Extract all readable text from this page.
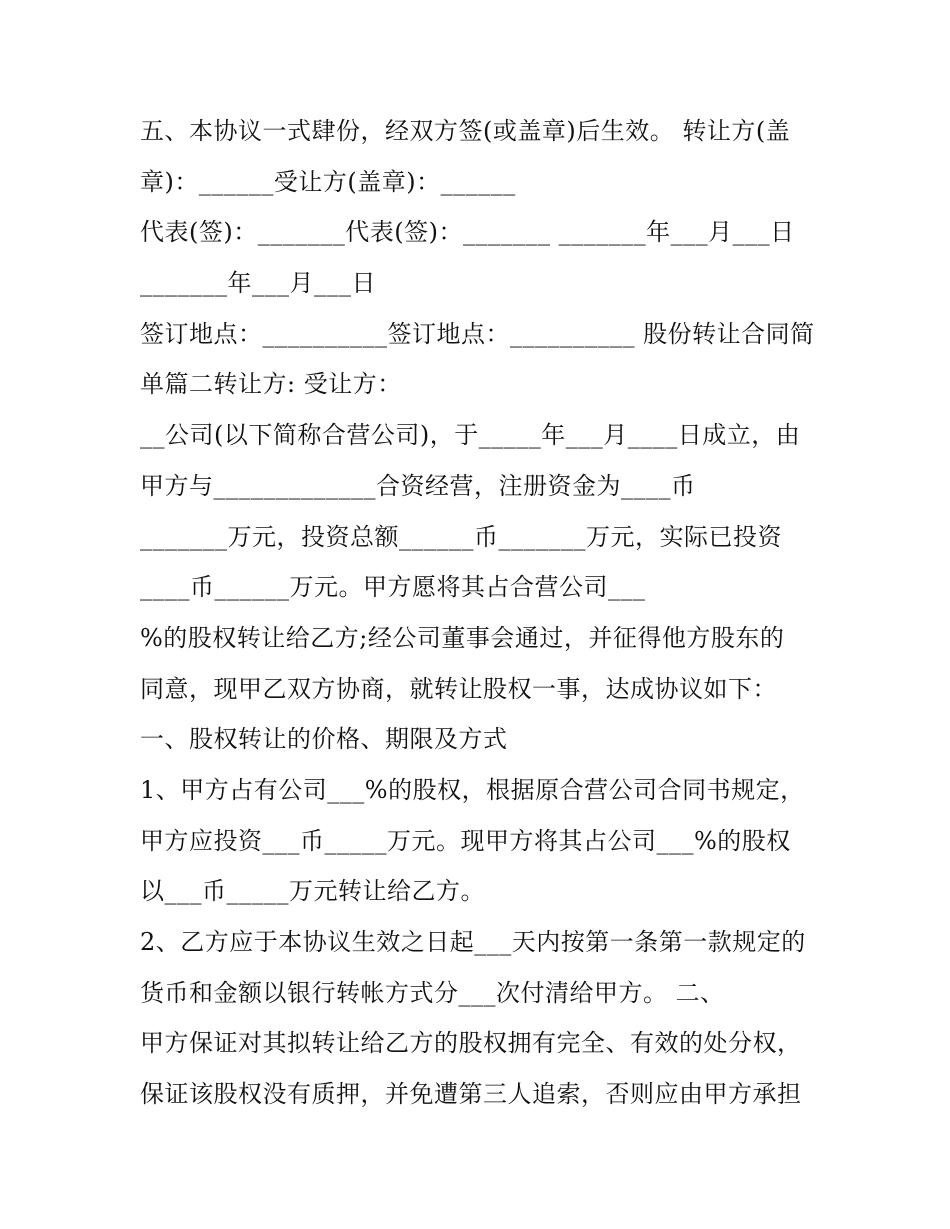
五、本协议一式肆份，经双方签(或盖章)后生效。 转让方(盖
章)：______受让方(盖章)：______
代表(签)：_______代表(签)：_______ _______年___月___日
_______年___月___日
签订地点：__________签订地点：__________ 股份转让合同简
单篇二转让方: 受让方：
__公司(以下简称合营公司)，于_____年___月____日成立，由
甲方与_____________合资经营，注册资金为____币
_______万元，投资总额______币_______万元，实际已投资
____币______万元。甲方愿将其占合营公司___
%的股权转让给乙方;经公司董事会通过，并征得他方股东的
同意，现甲乙双方协商，就转让股权一事，达成协议如下：
一、股权转让的价格、期限及方式
1、甲方占有公司___%的股权，根据原合营公司合同书规定，
甲方应投资___币_____万元。现甲方将其占公司___%的股权
以___币_____万元转让给乙方。
2、乙方应于本协议生效之日起___天内按第一条第一款规定的
货币和金额以银行转帐方式分___次付清给甲方。 二、
甲方保证对其拟转让给乙方的股权拥有完全、有效的处分权，
保证该股权没有质押，并免遭第三人追索，否则应由甲方承担
